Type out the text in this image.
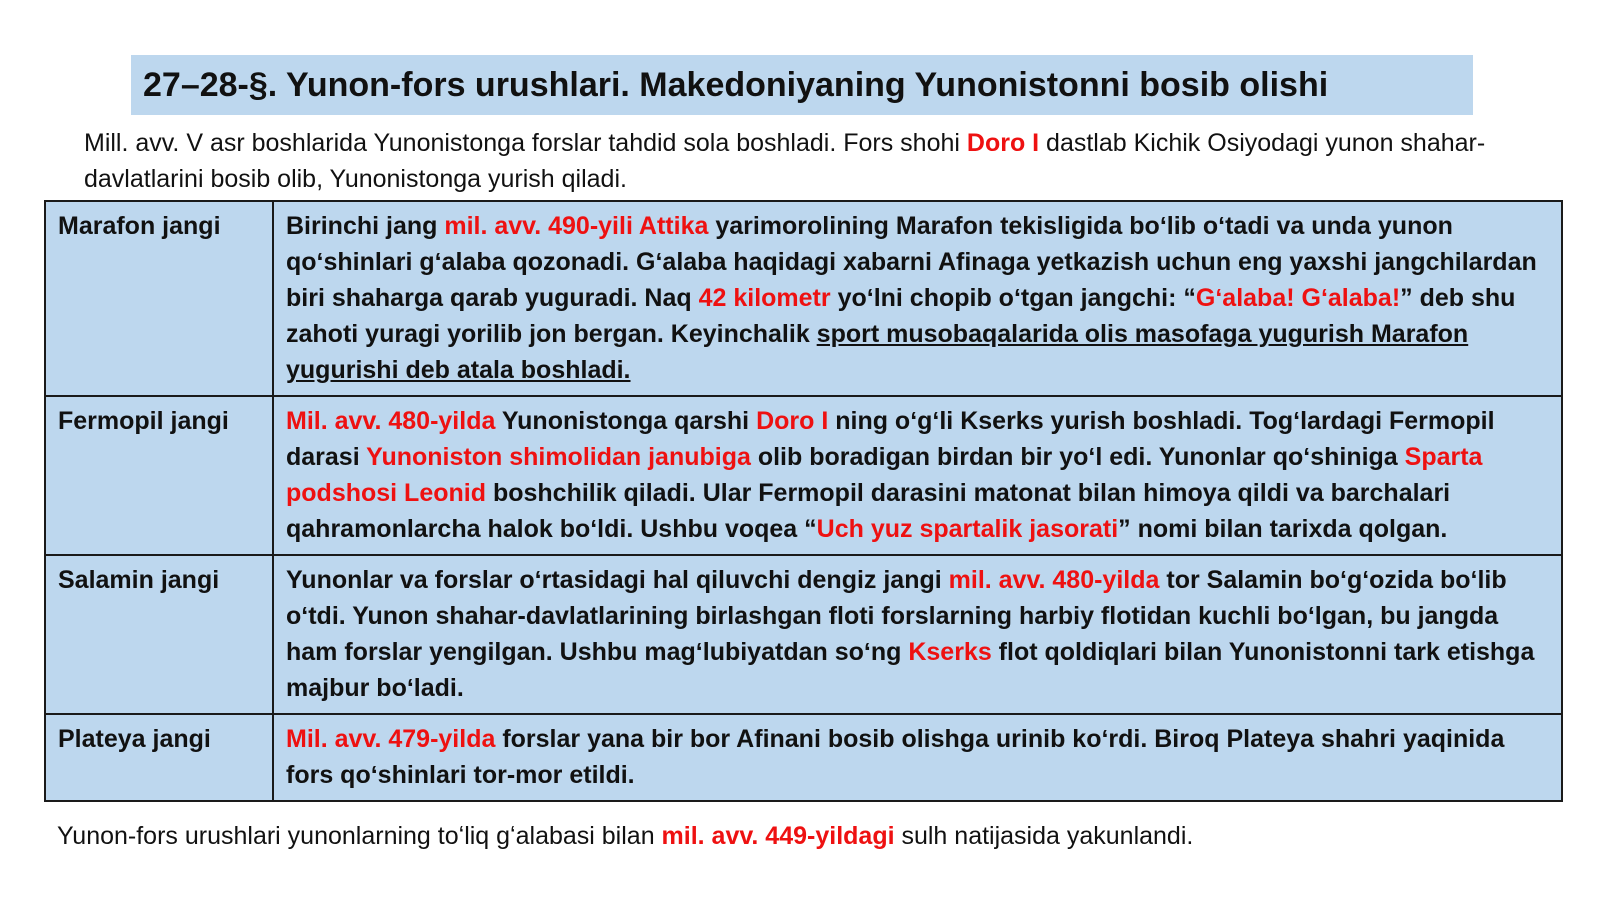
27–28-§. Yunon-fors urushlari. Makedoniyaning Yunonistonni bosib olishi
Mill. avv. V asr boshlarida Yunonistonga forslar tahdid sola boshladi. Fors shohi Doro I dastlab Kichik Osiyodagi yunon shahar-davlatlarini bosib olib, Yunonistonga yurish qiladi.
Marafon jangi	Birinchi jang mil. avv. 490-yili Attika yarimorolining Marafon tekisligida boʻlib oʻtadi va unda yunon qoʻshinlari gʻalaba qozonadi. Gʻalaba haqidagi xabarni Afinaga yetkazish uchun eng yaxshi jangchilardan biri shaharga qarab yuguradi. Naq 42 kilometr yoʻlni chopib oʻtgan jangchi: “Gʻalaba! Gʻalaba!” deb shu zahoti yuragi yorilib jon bergan. Keyinchalik sport musobaqalarida olis masofaga yugurish Marafon yugurishi deb atala boshladi.
Fermopil jangi	Mil. avv. 480-yilda Yunonistonga qarshi Doro I ning oʻgʻli Kserks yurish boshladi. Togʻlardagi Fermopil darasi Yunoniston shimolidan janubiga olib boradigan birdan bir yoʻl edi. Yunonlar qoʻshiniga Sparta podshosi Leonid boshchilik qiladi. Ular Fermopil darasini matonat bilan himoya qildi va barchalari qahramonlarcha halok boʻldi. Ushbu voqea “Uch yuz spartalik jasorati” nomi bilan tarixda qolgan.
Salamin jangi	Yunonlar va forslar oʻrtasidagi hal qiluvchi dengiz jangi mil. avv. 480-yilda tor Salamin boʻgʻozida boʻlib oʻtdi. Yunon shahar-davlatlarining birlashgan floti forslarning harbiy flotidan kuchli boʻlgan, bu jangda ham forslar yengilgan. Ushbu magʻlubiyatdan soʻng Kserks flot qoldiqlari bilan Yunonistonni tark etishga majbur boʻladi.
Plateya jangi	Mil. avv. 479-yilda forslar yana bir bor Afinani bosib olishga urinib koʻrdi. Biroq Plateya shahri yaqinida fors qoʻshinlari tor-mor etildi.
Yunon-fors urushlari yunonlarning toʻliq gʻalabasi bilan mil. avv. 449-yildagi sulh natijasida yakunlandi.
